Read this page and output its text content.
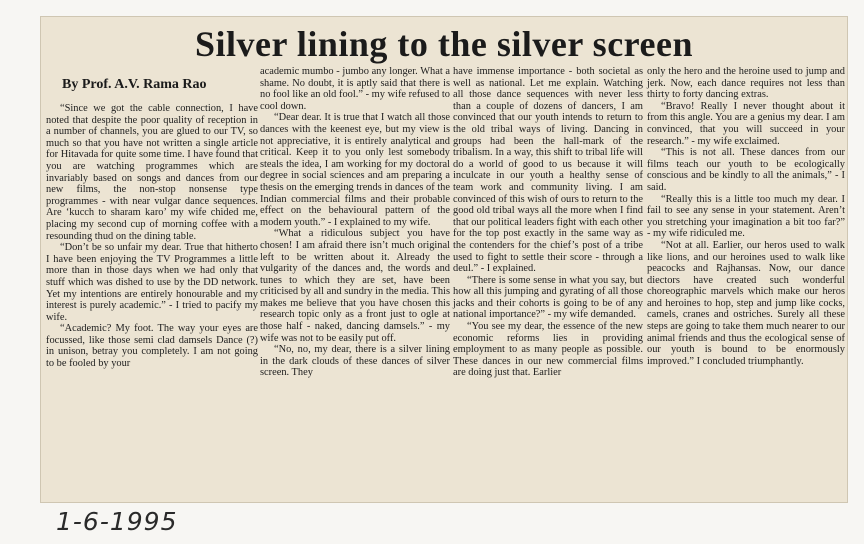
Silver lining to the silver screen
By Prof. A.V. Rama Rao

“Since we got the cable connection, I have noted that despite the poor quality of reception in a number of channels, you are glued to our TV, so much so that you have not written a single article for Hitavada for quite some time. I have found that you are watching programmes which are invariably based on songs and dances from our new films, the non-stop nonsense type programmes - with near vulgar dance sequences. Are ‘kucch to sharam karo’ my wife chided me, placing my second cup of morning coffee with a resounding thud on the dining table.

“Don’t be so unfair my dear. True that hitherto I have been enjoying the TV Programmes a little more than in those days when we had only that stuff which was dished to use by the DD network. Yet my intentions are entirely honourable and my interest is purely academic.” - I tried to pacify my wife.

“Academic? My foot. The way your eyes are focussed, like those semi clad damsels Dance (?) in unison, betray you completely. I am not going to be fooled by your

academic mumbo - jumbo any longer. What a shame. No doubt, it is aptly said that there is no fool like an old fool.” - my wife refused to cool down.

“Dear dear. It is true that I watch all those dances with the keenest eye, but my view is not appreciative, it is entirely analytical and critical. Keep it to you only lest somebody steals the idea, I am working for my doctoral degree in social sciences and am preparing a thesis on the emerging trends in dances of the Indian commercial films and their probable effect on the behavioural pattern of the modern youth.” - I explained to my wife.

“What a ridiculous subject you have chosen! I am afraid there isn’t much original left to be written about it. Already the vulgarity of the dances and, the words and tunes to which they are set, have been criticised by all and sundry in the media. This makes me believe that you have chosen this research topic only as a front just to ogle at those half - naked, dancing damsels.” - my wife was not to be easily put off.

“No, no, my dear, there is a silver lining in the dark clouds of these dances of silver screen. They

have immense importance - both societal as well as national. Let me explain. Watching all those dance sequences with never less than a couple of dozens of dancers, I am convinced that our youth intends to return to the old tribal ways of living. Dancing in groups had been the hall-mark of the tribalism. In a way, this shift to tribal life will do a world of good to us because it will inculcate in our youth a healthy sense of team work and community living. I am convinced of this wish of ours to return to the good old tribal ways all the more when I find that our political leaders fight with each other for the top post exactly in the same way as the contenders for the chief’s post of a tribe used to fight to settle their score - through a deul.” - I explained.

“There is some sense in what you say, but how all this jumping and gyrating of all those jacks and their cohorts is going to be of any national importance?” - my wife demanded.

“You see my dear, the essence of the new economic reforms lies in providing employment to as many people as possible. These dances in our new commercial films are doing just that. Earlier

only the hero and the heroine used to jump and jerk. Now, each dance requires not less than thirty to forty dancing extras.

“Bravo! Really I never thought about it from this angle. You are a genius my dear. I am convinced, that you will succeed in your research.” - my wife exclaimed.

“This is not all. These dances from our films teach our youth to be ecologically conscious and be kindly to all the animals,” - I said.

“Really this is a little too much my dear. I fail to see any sense in your statement. Aren’t you stretching your imagination a bit too far?” - my wife ridiculed me.

“Not at all. Earlier, our heros used to walk like lions, and our heroines used to walk like peacocks and Rajhansas. Now, our dance diectors have created such wonderful choreographic marvels which make our heros and heroines to hop, step and jump like cocks, camels, cranes and ostriches. Surely all these steps are going to take them much nearer to our animal friends and thus the ecological sense of our youth is bound to be enormously improved.” I concluded triumphantly.

1-6-1995
